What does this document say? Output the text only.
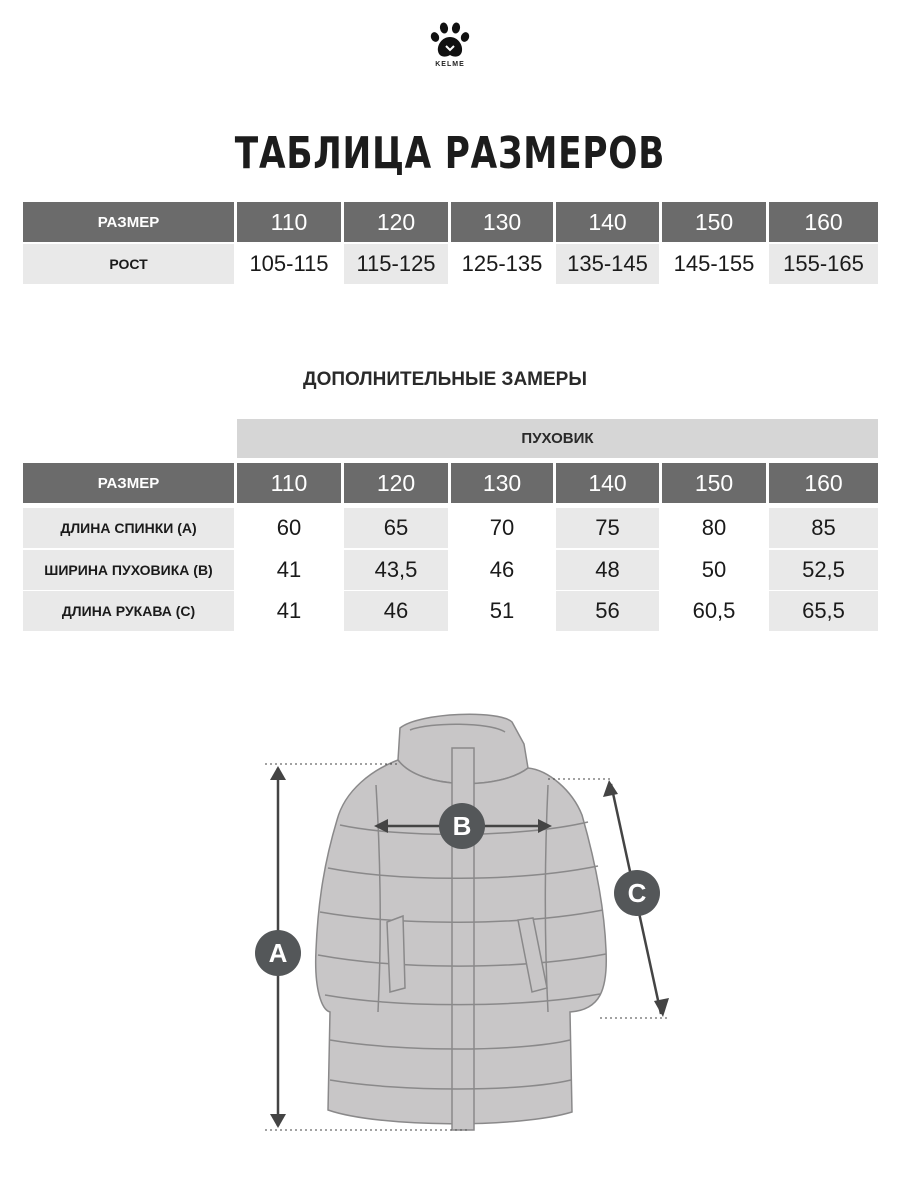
KELME
ТАБЛИЦА РАЗМЕРОВ
РАЗМЕР	110	120	130	140	150	160
РОСТ	105-115	115-125	125-135	135-145	145-155	155-165
ДОПОЛНИТЕЛЬНЫЕ ЗАМЕРЫ
ПУХОВИК
РАЗМЕР	110	120	130	140	150	160
ДЛИНА СПИНКИ (А)	60	65	70	75	80	85
ШИРИНА ПУХОВИКА (В)	41	43,5	46	48	50	52,5
ДЛИНА РУКАВА (С)	41	46	51	56	60,5	65,5
A
B
C
